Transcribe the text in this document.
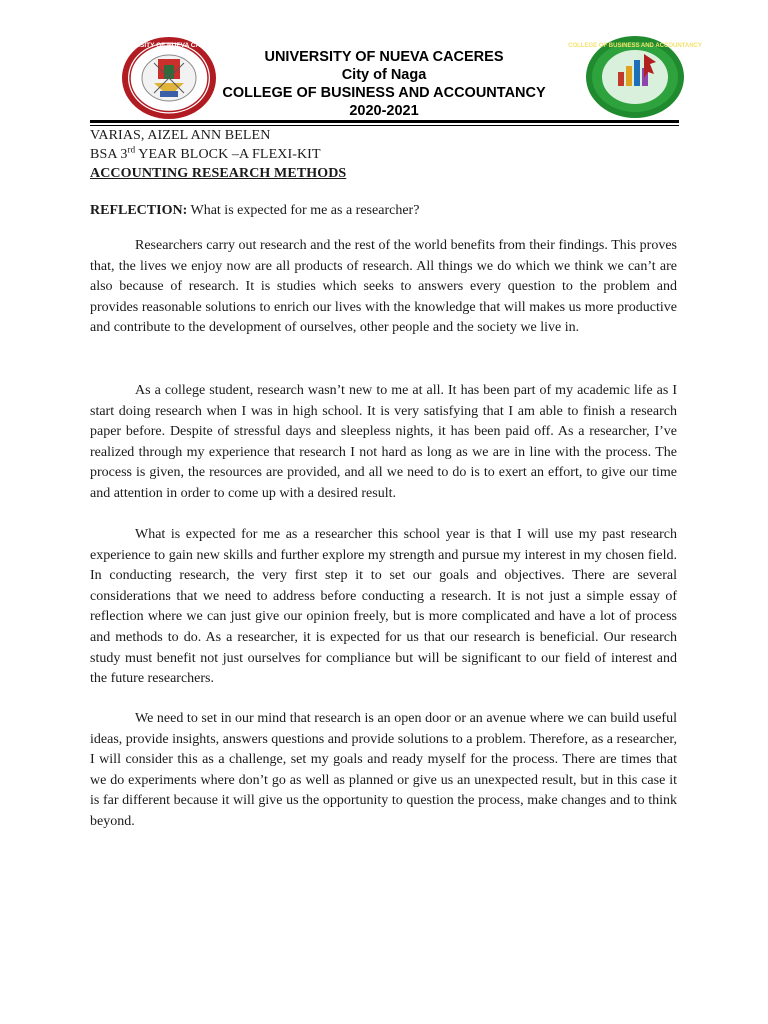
UNIVERSITY OF NUEVA CACERES
UNIVERSITY OF NUEVA CACERES
City of Naga
COLLEGE OF BUSINESS AND ACCOUNTANCY
2020-2021
COLLEGE OF BUSINESS AND ACCOUNTANCY
VARIAS, AIZEL ANN BELEN
BSA 3rd YEAR BLOCK –A FLEXI-KIT
ACCOUNTING RESEARCH METHODS
REFLECTION: What is expected for me as a researcher?

Researchers carry out research and the rest of the world benefits from their findings. This proves that, the lives we enjoy now are all products of research. All things we do which we think we can’t are also because of research. It is studies which seeks to answers every question to the problem and provides reasonable solutions to enrich our lives with the knowledge that will makes us more productive and contribute to the development of ourselves, other people and the society we live in.

As a college student, research wasn’t new to me at all. It has been part of my academic life as I start doing research when I was in high school. It is very satisfying that I am able to finish a research paper before. Despite of stressful days and sleepless nights, it has been paid off. As a researcher, I’ve realized through my experience that research I not hard as long as we are in line with the process. The process is given, the resources are provided, and all we need to do is to exert an effort, to give our time and attention in order to come up with a desired result.

What is expected for me as a researcher this school year is that I will use my past research experience to gain new skills and further explore my strength and pursue my interest in my chosen field. In conducting research, the very first step it to set our goals and objectives. There are several considerations that we need to address before conducting a research. It is not just a simple essay of reflection where we can just give our opinion freely, but is more complicated and have a lot of process and methods to do. As a researcher, it is expected for us that our research is beneficial. Our research study must benefit not just ourselves for compliance but will be significant to our field of interest and the future researchers.

We need to set in our mind that research is an open door or an avenue where we can build useful ideas, provide insights, answers questions and provide solutions to a problem. Therefore, as a researcher, I will consider this as a challenge, set my goals and ready myself for the process. There are times that we do experiments where don’t go as well as planned or give us an unexpected result, but in this case it is far different because it will give us the opportunity to question the process, make changes and to think beyond.
